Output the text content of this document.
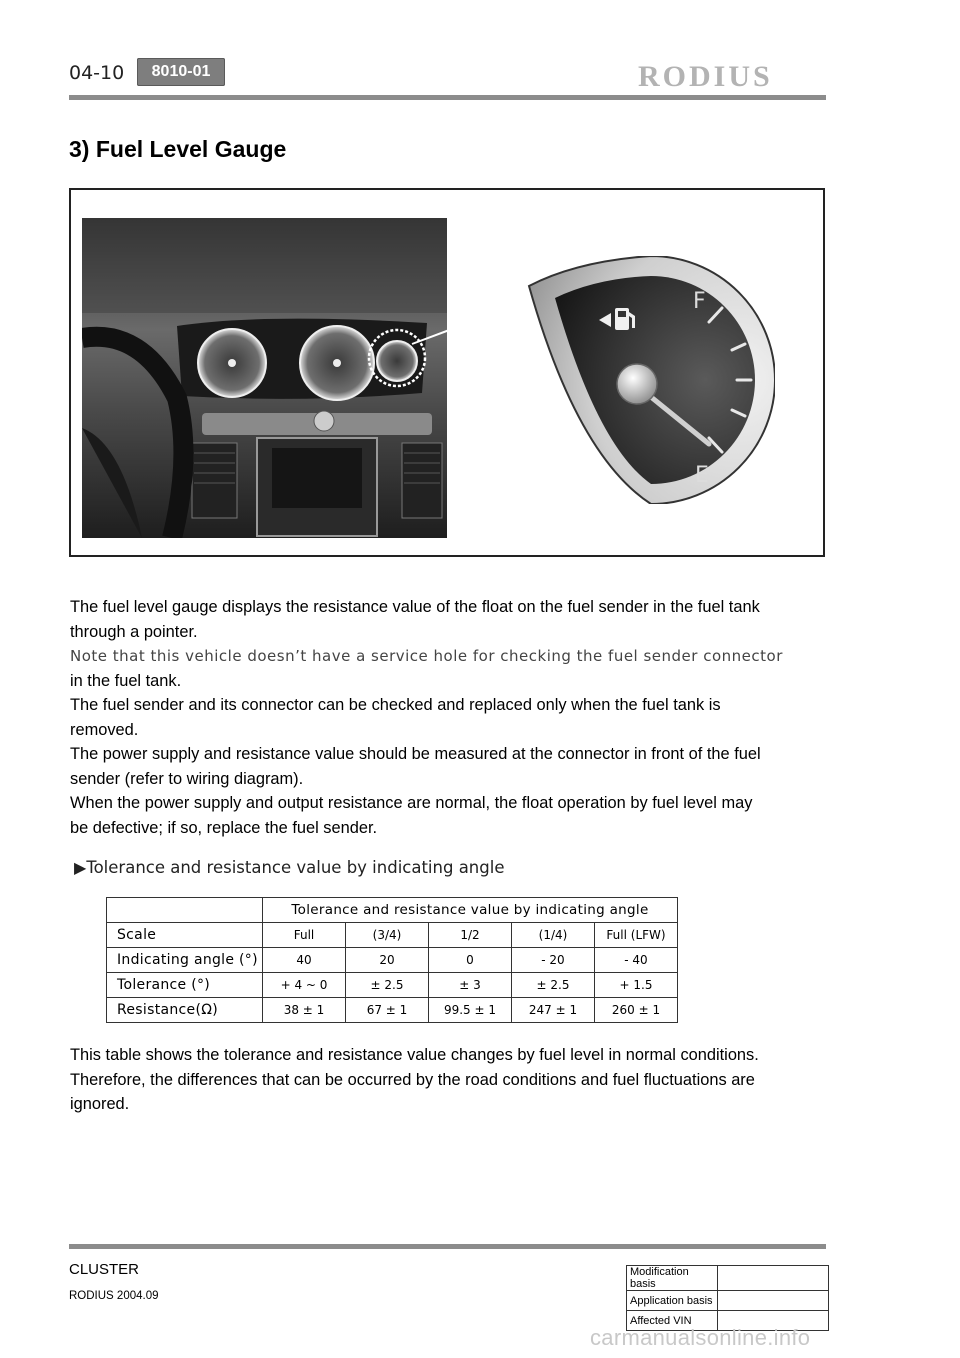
04-10	8010-01	RODIUS
3) Fuel Level Gauge
F
E

The fuel level gauge displays the resistance value of the float on the fuel sender in the fuel tank

through a pointer.

Note that this vehicle doesn’t have a service hole for checking the fuel sender connector

in the fuel tank.

The fuel sender and its connector can be checked and replaced only when the fuel tank is

removed.

The power supply and resistance value should be measured at the connector in front of the fuel

sender (refer to wiring diagram).

When the power supply and output resistance are normal, the float operation by fuel level may

be defective; if so, replace the fuel sender.

▶Tolerance and resistance value by indicating angle
	Tolerance and resistance value by indicating angle				
Scale	Full	(3/4)	1/2	(1/4)	Full (LFW)
Indicating angle (°)	40	20	0	- 20	- 40
Tolerance (°)	+ 4 ~ 0	± 2.5	± 3	± 2.5	+ 1.5
Resistance(Ω)	38 ± 1	67 ± 1	99.5 ± 1	247 ± 1	260 ± 1
This table shows the tolerance and resistance value changes by fuel level in normal conditions.
Therefore, the differences that can be occurred by the road conditions and fuel fluctuations are
ignored.
CLUSTER
RODIUS 2004.09
Modification basis	
Application basis	
Affected VIN	
carmanualsonline.info
